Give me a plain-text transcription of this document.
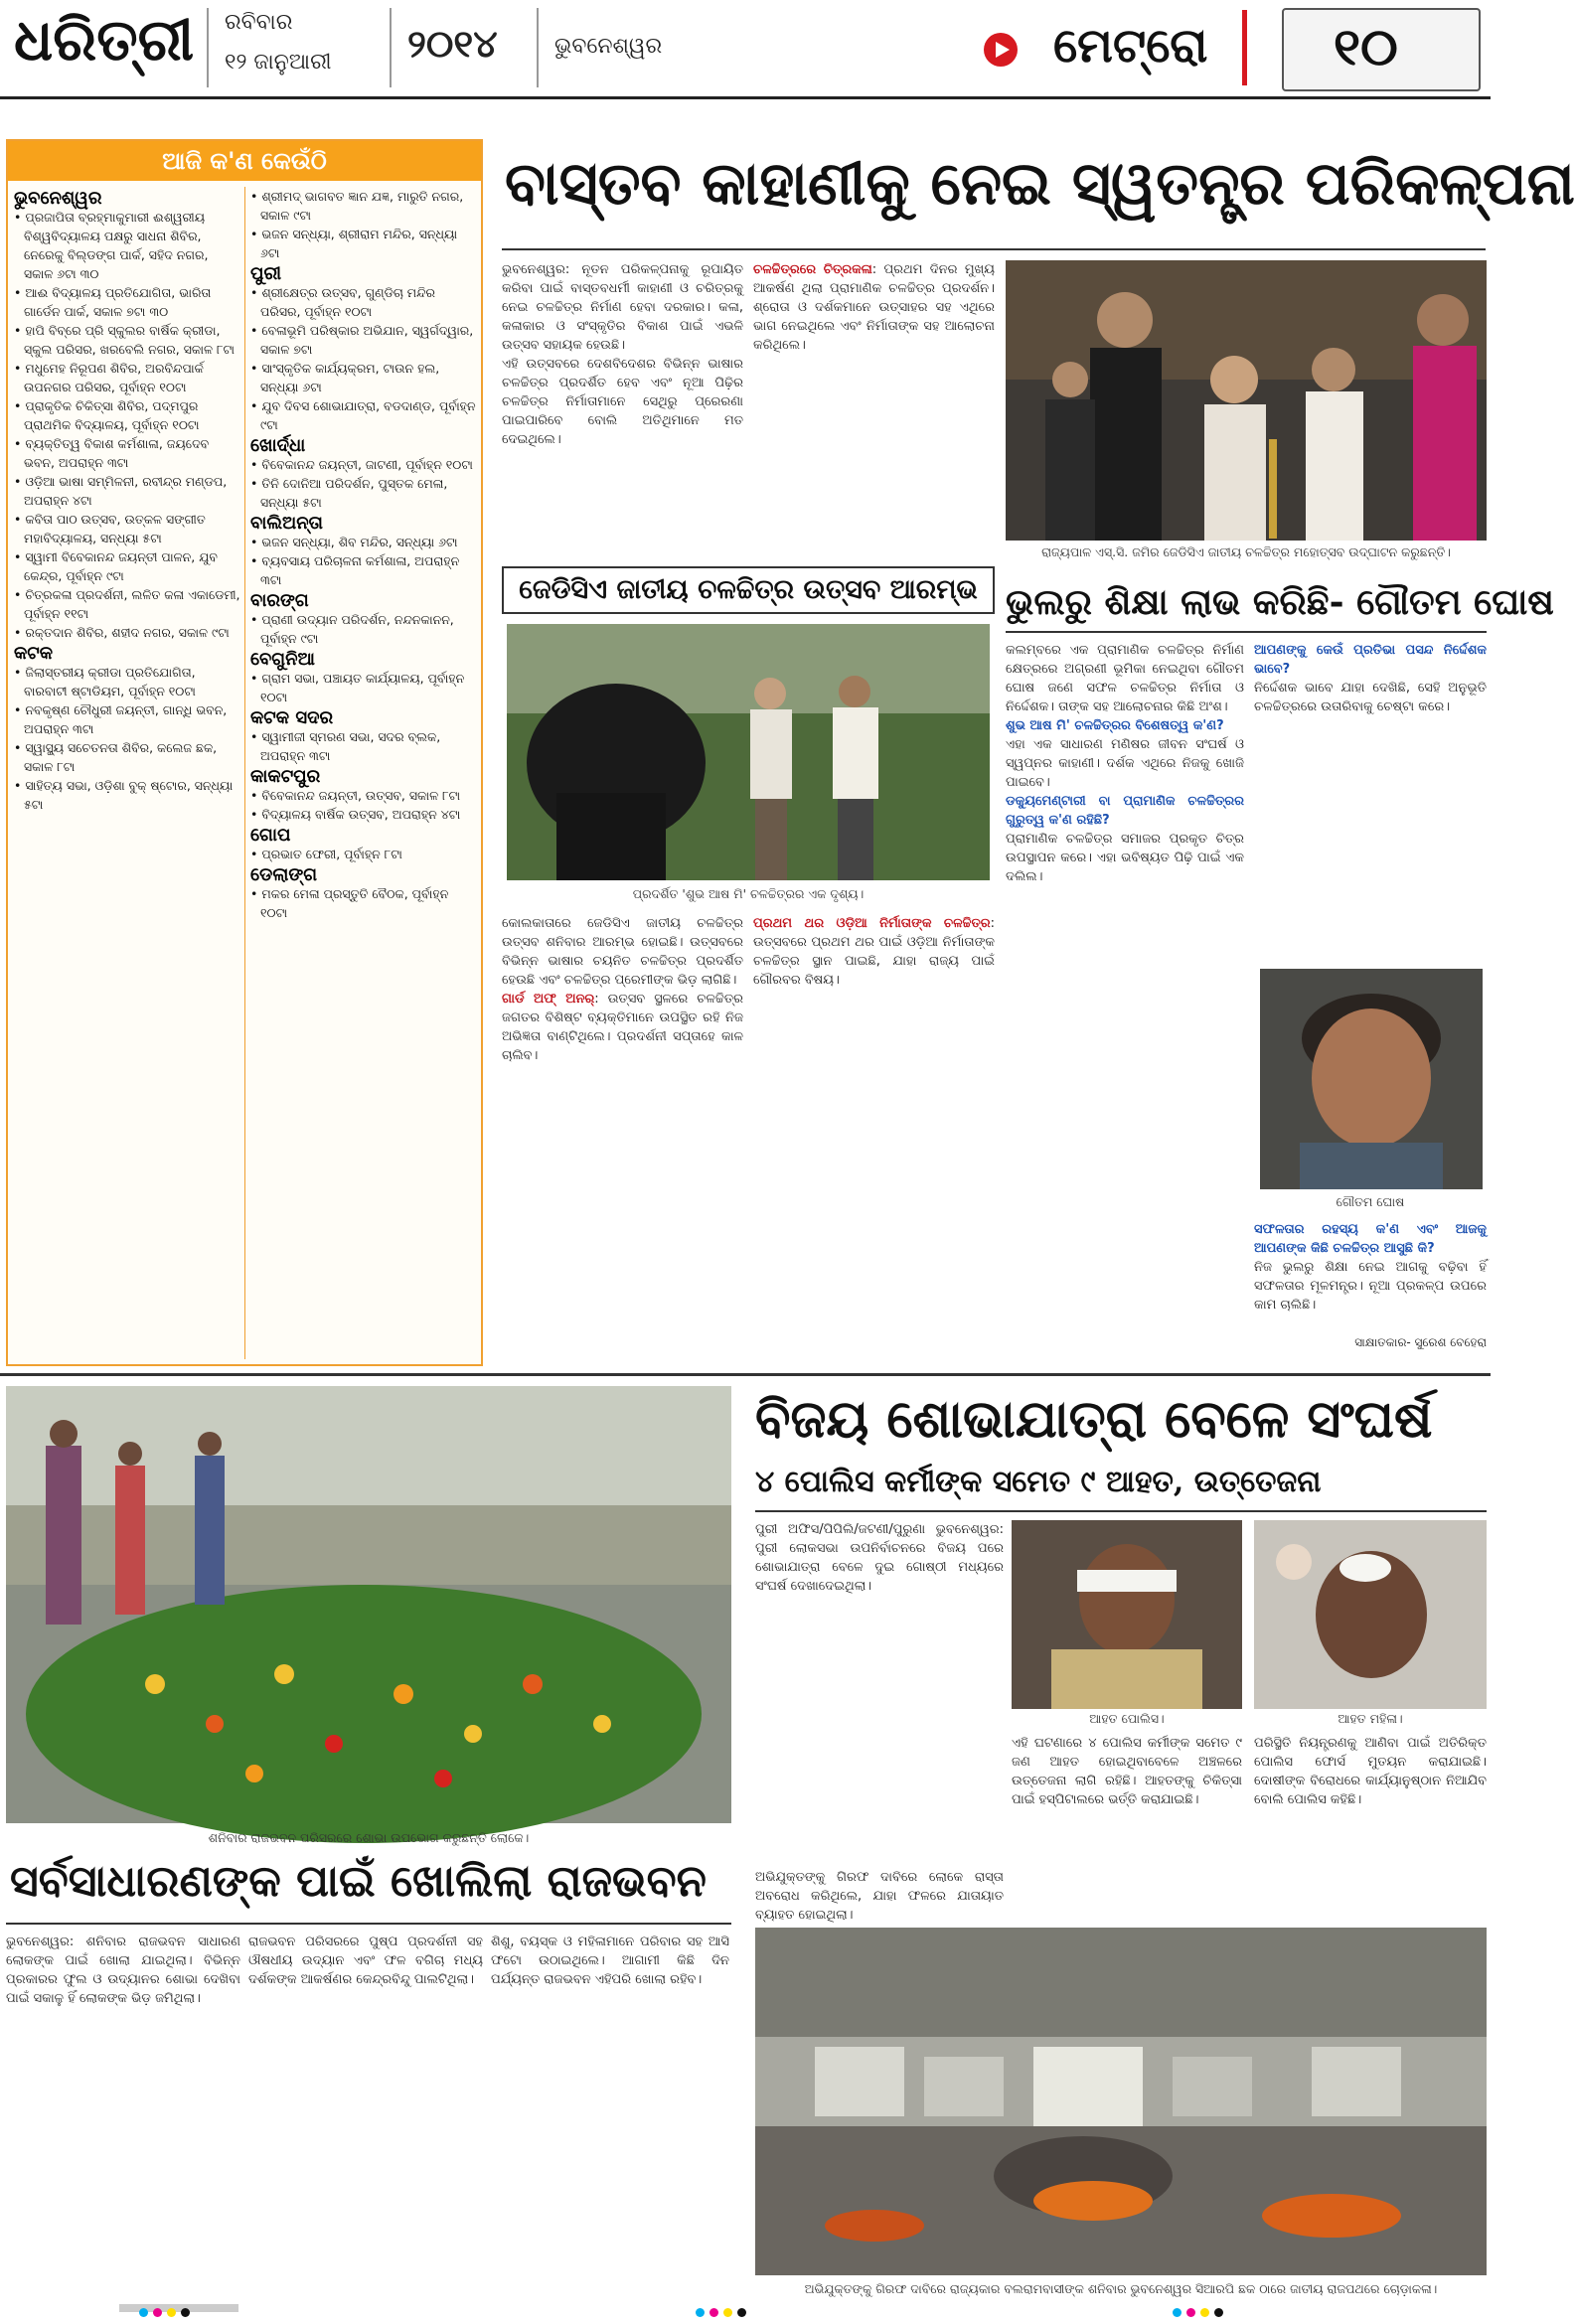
ଧରିତ୍ରୀ ରବିବାର
୧୨ ଜାନୁଆରୀ ୨୦୧୪	ଭୁବନେଶ୍ୱର	ମେଟ୍ରୋ ୧୦
ଆଜି କ'ଣ କେଉଁଠି
ଭୁବନେଶ୍ୱର
• ପ୍ରଜାପିତା ବ୍ରହ୍ମାକୁମାରୀ ଈଶ୍ୱରୀୟ ବିଶ୍ୱବିଦ୍ୟାଳୟ ପକ୍ଷରୁ ସାଧନା ଶିବିର, ନେରେକୁ ବିଲ୍ଡଙ୍ଗ ପାର୍କ, ସହିଦ ନଗର, ସକାଳ ୬ଟା ୩୦
• ଆଈ ବିଦ୍ୟାଳୟ ପ୍ରତିଯୋଗିତା, ଭାରିତା ଗାର୍ଡେନ ପାର୍କ, ସକାଳ ୭ଟା ୩୦
• ହାପି ବିବ୍ରେ ପ୍ରି ସ୍କୁଲର ବାର୍ଷିକ କ୍ରୀଡା, ସ୍କୁଲ ପରିସର, ଖରବେଲି ନଗର, ସକାଳ ୮ଟା
• ମଧୁମେହ ନିରୂପଣ ଶିବିର, ଅରବିନ୍ଦପାର୍କ ଉପନଗର ପରିସର, ପୂର୍ବାହ୍ନ ୧୦ଟା
• ପ୍ରାକୃତିକ ଚିକିତ୍ସା ଶିବିର, ପଦ୍ମପୁର ପ୍ରାଥମିକ ବିଦ୍ୟାଳୟ, ପୂର୍ବାହ୍ନ ୧୦ଟା
• ବ୍ୟକ୍ତିତ୍ୱ ବିକାଶ କର୍ମଶାଳା, ଜୟଦେବ ଭବନ, ଅପରାହ୍ନ ୩ଟା
• ଓଡ଼ିଆ ଭାଷା ସମ୍ମିଳନୀ, ରବୀନ୍ଦ୍ର ମଣ୍ଡପ, ଅପରାହ୍ନ ୪ଟା
• କବିତା ପାଠ ଉତ୍ସବ, ଉତ୍କଳ ସଙ୍ଗୀତ ମହାବିଦ୍ୟାଳୟ, ସନ୍ଧ୍ୟା ୫ଟା
• ସ୍ୱାମୀ ବିବେକାନନ୍ଦ ଜୟନ୍ତୀ ପାଳନ, ଯୁବ କେନ୍ଦ୍ର, ପୂର୍ବାହ୍ନ ୯ଟା
• ଚିତ୍ରକଳା ପ୍ରଦର୍ଶନୀ, ଲଳିତ କଳା ଏକାଡେମୀ, ପୂର୍ବାହ୍ନ ୧୧ଟା
• ରକ୍ତଦାନ ଶିବିର, ଶହୀଦ ନଗର, ସକାଳ ୯ଟା
କଟକ
• ଜିଲାସ୍ତରୀୟ କ୍ରୀଡା ପ୍ରତିଯୋଗିତା, ବାରବାଟୀ ଷ୍ଟାଡିୟମ, ପୂର୍ବାହ୍ନ ୧୦ଟା
• ନବକୃଷ୍ଣ ଚୌଧୁରୀ ଜୟନ୍ତୀ, ଗାନ୍ଧି ଭବନ, ଅପରାହ୍ନ ୩ଟା
• ସ୍ୱାସ୍ଥ୍ୟ ସଚେତନତା ଶିବିର, କଲେଜ ଛକ, ସକାଳ ୮ଟା
• ସାହିତ୍ୟ ସଭା, ଓଡ଼ିଶା ବୁକ୍ ଷ୍ଟୋର, ସନ୍ଧ୍ୟା ୫ଟା
• ଶ୍ରୀମଦ୍ ଭାଗବତ ଜ୍ଞାନ ଯଜ୍ଞ, ମାରୁତି ନଗର, ସକାଳ ୯ଟା
• ଭଜନ ସନ୍ଧ୍ୟା, ଶ୍ରୀରାମ ମନ୍ଦିର, ସନ୍ଧ୍ୟା ୬ଟା
ପୁରୀ
• ଶ୍ରୀକ୍ଷେତ୍ର ଉତ୍ସବ, ଗୁଣ୍ଡିଚା ମନ୍ଦିର ପରିସର, ପୂର୍ବାହ୍ନ ୧୦ଟା
• ବେଳାଭୂମି ପରିଷ୍କାର ଅଭିଯାନ, ସ୍ୱର୍ଗଦ୍ୱାର, ସକାଳ ୭ଟା
• ସାଂସ୍କୃତିକ କାର୍ଯ୍ୟକ୍ରମ, ଟାଉନ ହଲ, ସନ୍ଧ୍ୟା ୬ଟା
• ଯୁବ ଦିବସ ଶୋଭାଯାତ୍ରା, ବଡଦାଣ୍ଡ, ପୂର୍ବାହ୍ନ ୯ଟା
ଖୋର୍ଦ୍ଧା
• ବିବେକାନନ୍ଦ ଜୟନ୍ତୀ, ଜାଟଣୀ, ପୂର୍ବାହ୍ନ ୧୦ଟା
• ତିନି ଦୋନିଆ ପରିଦର୍ଶନ, ପୁସ୍ତକ ମେଳା, ସନ୍ଧ୍ୟା ୫ଟା
ବାଲିଅନ୍ତା
• ଭଜନ ସନ୍ଧ୍ୟା, ଶିବ ମନ୍ଦିର, ସନ୍ଧ୍ୟା ୬ଟା
• ବ୍ୟବସାୟ ପରିଚାଳନା କର୍ମଶାଳା, ଅପରାହ୍ନ ୩ଟା
ବାରଙ୍ଗ
• ପ୍ରାଣୀ ଉଦ୍ୟାନ ପରିଦର୍ଶନ, ନନ୍ଦନକାନନ, ପୂର୍ବାହ୍ନ ୯ଟା
ବେଗୁନିଆ
• ଗ୍ରାମ ସଭା, ପଞ୍ଚାୟତ କାର୍ଯ୍ୟାଳୟ, ପୂର୍ବାହ୍ନ ୧୦ଟା
କଟକ ସଦର
• ସ୍ୱାମୀଜୀ ସ୍ମରଣ ସଭା, ସଦର ବ୍ଲକ, ଅପରାହ୍ନ ୩ଟା
କାକଟପୁର
• ବିବେକାନନ୍ଦ ଜୟନ୍ତୀ, ଉତ୍ସବ, ସକାଳ ୮ଟା
• ବିଦ୍ୟାଳୟ ବାର୍ଷିକ ଉତ୍ସବ, ଅପରାହ୍ନ ୪ଟା
ଗୋପ
• ପ୍ରଭାତ ଫେରୀ, ପୂର୍ବାହ୍ନ ୮ଟା
ଡେଲାଙ୍ଗ
• ମକର ମେଳା ପ୍ରସ୍ତୁତି ବୈଠକ, ପୂର୍ବାହ୍ନ ୧୦ଟା
ବାସ୍ତବ କାହାଣୀକୁ ନେଇ ସ୍ୱତନ୍ତ୍ର ପରିକଳ୍ପନା
ଭୁବନେଶ୍ୱର: ନୂତନ ପରିକଳ୍ପନାକୁ ରୂପାୟିତ କରିବା ପାଇଁ ବାସ୍ତବଧର୍ମୀ କାହାଣୀ ଓ ଚରିତ୍ରକୁ ନେଇ ଚଳଚ୍ଚିତ୍ର ନିର୍ମାଣ ହେବା ଦରକାର। କଳା, କଳାକାର ଓ ସଂସ୍କୃତିର ବିକାଶ ପାଇଁ ଏଭଳି ଉତ୍ସବ ସହାୟକ ହେଉଛି।
ଏହି ଉତ୍ସବରେ ଦେଶବିଦେଶର ବିଭିନ୍ନ ଭାଷାର ଚଳଚ୍ଚିତ୍ର ପ୍ରଦର୍ଶିତ ହେବ ଏବଂ ନୂଆ ପିଢ଼ିର ଚଳଚ୍ଚିତ୍ର ନିର୍ମାତାମାନେ ସେଥିରୁ ପ୍ରେରଣା ପାଇପାରିବେ ବୋଲି ଅତିଥିମାନେ ମତ ଦେଇଥିଲେ।
ଚଳଚ୍ଚିତ୍ରରେ ଚିତ୍ରକଳା: ପ୍ରଥମ ଦିନର ମୁଖ୍ୟ ଆକର୍ଷଣ ଥିଲା ପ୍ରାମାଣିକ ଚଳଚ୍ଚିତ୍ର ପ୍ରଦର୍ଶନ। ଶ୍ରୋତା ଓ ଦର୍ଶକମାନେ ଉତ୍ସାହର ସହ ଏଥିରେ ଭାଗ ନେଇଥିଲେ ଏବଂ ନିର୍ମାତାଙ୍କ ସହ ଆଲୋଚନା କରିଥିଲେ।
ରାଜ୍ୟପାଳ ଏସ୍.ସି. ଜମିର ଜେଡିସିଏ ଜାତୀୟ ଚଳଚ୍ଚିତ୍ର ମହୋତ୍ସବ ଉଦ୍‌ଘାଟନ କରୁଛନ୍ତି।
ଜେଡିସିଏ ଜାତୀୟ ଚଳଚ୍ଚିତ୍ର ଉତ୍ସବ ଆରମ୍ଭ
ପ୍ରଦର୍ଶିତ 'ଶୁଭ ଆଷ ମି' ଚଳଚ୍ଚିତ୍ରର ଏକ ଦୃଶ୍ୟ।
କୋଲକାତାରେ ଜେଡିସିଏ ଜାତୀୟ ଚଳଚ୍ଚିତ୍ର ଉତ୍ସବ ଶନିବାର ଆରମ୍ଭ ହୋଇଛି। ଉତ୍ସବରେ ବିଭିନ୍ନ ଭାଷାର ଚୟନିତ ଚଳଚ୍ଚିତ୍ର ପ୍ରଦର୍ଶିତ ହେଉଛି ଏବଂ ଚଳଚ୍ଚିତ୍ର ପ୍ରେମୀଙ୍କ ଭିଡ଼ ଲାଗିଛି।
ଗାର୍ଡ ଅଫ୍ ଅନର୍: ଉତ୍ସବ ସ୍ଥଳରେ ଚଳଚ୍ଚିତ୍ର ଜଗତର ବିଶିଷ୍ଟ ବ୍ୟକ୍ତିମାନେ ଉପସ୍ଥିତ ରହି ନିଜ ଅଭିଜ୍ଞତା ବାଣ୍ଟିଥିଲେ। ପ୍ରଦର୍ଶନୀ ସପ୍ତାହେ କାଳ ଚାଲିବ।
ପ୍ରଥମ ଥର ଓଡ଼ିଆ ନିର୍ମାତାଙ୍କ ଚଳଚ୍ଚିତ୍ର: ଉତ୍ସବରେ ପ୍ରଥମ ଥର ପାଇଁ ଓଡ଼ିଆ ନିର୍ମାତାଙ୍କ ଚଳଚ୍ଚିତ୍ର ସ୍ଥାନ ପାଇଛି, ଯାହା ରାଜ୍ୟ ପାଇଁ ଗୌରବର ବିଷୟ।
ଭୁଲରୁ ଶିକ୍ଷା ଲାଭ କରିଛି- ଗୌତମ ଘୋଷ
କଲମ୍ବରେ ଏକ ପ୍ରାମାଣିକ ଚଳଚ୍ଚିତ୍ର ନିର୍ମାଣ କ୍ଷେତ୍ରରେ ଅଗ୍ରଣୀ ଭୂମିକା ନେଇଥିବା ଗୌତମ ଘୋଷ ଜଣେ ସଫଳ ଚଳଚ୍ଚିତ୍ର ନିର୍ମାତା ଓ ନିର୍ଦ୍ଦେଶକ। ତାଙ୍କ ସହ ଆଲୋଚନାର କିଛି ଅଂଶ।
ଶୁଭ ଆଷ ମି' ଚଳଚ୍ଚିତ୍ରର ବିଶେଷତ୍ୱ କ'ଣ?
ଏହା ଏକ ସାଧାରଣ ମଣିଷର ଜୀବନ ସଂଘର୍ଷ ଓ ସ୍ୱପ୍ନର କାହାଣୀ। ଦର୍ଶକ ଏଥିରେ ନିଜକୁ ଖୋଜି ପାଇବେ।
ଡକ୍ୟୁମେଣ୍ଟାରୀ ବା ପ୍ରାମାଣିକ ଚଳଚ୍ଚିତ୍ରର ଗୁରୁତ୍ୱ କ'ଣ ରହିଛି?
ପ୍ରାମାଣିକ ଚଳଚ୍ଚିତ୍ର ସମାଜର ପ୍ରକୃତ ଚିତ୍ର ଉପସ୍ଥାପନ କରେ। ଏହା ଭବିଷ୍ୟତ ପିଢ଼ି ପାଇଁ ଏକ ଦଲିଲ।
ଆପଣଙ୍କୁ କେଉଁ ପ୍ରତିଭା ପସନ୍ଦ ନିର୍ଦ୍ଦେଶକ ଭାବେ?
ନିର୍ଦ୍ଦେଶକ ଭାବେ ଯାହା ଦେଖିଛି, ସେହି ଅନୁଭୂତି ଚଳଚ୍ଚିତ୍ରରେ ଉତାରିବାକୁ ଚେଷ୍ଟା କରେ।
ଗୌତମ ଘୋଷ
ସଫଳତାର ରହସ୍ୟ କ'ଣ ଏବଂ ଆଜକୁ ଆପଣଙ୍କ କିଛି ଚଳଚ୍ଚିତ୍ର ଆସୁଛି କି?
ନିଜ ଭୁଲରୁ ଶିକ୍ଷା ନେଇ ଆଗକୁ ବଢ଼ିବା ହିଁ ସଫଳତାର ମୂଳମନ୍ତ୍ର। ନୂଆ ପ୍ରକଳ୍ପ ଉପରେ କାମ ଚାଲିଛି।
ସାକ୍ଷାତକାର- ସୁରେଶ ବେହେରା
ଶନିବାର ରାଜଭବନ ପରିସରରେ ଶୋଭା ଉପଭୋଗ କରୁଛନ୍ତି ଲୋକେ।
ସର୍ବସାଧାରଣଙ୍କ ପାଇଁ ଖୋଲିଲା ରାଜଭବନ
ଭୁବନେଶ୍ୱର: ଶନିବାର ରାଜଭବନ ସାଧାରଣ ଲୋକଙ୍କ ପାଇଁ ଖୋଲା ଯାଇଥିଲା। ବିଭିନ୍ନ ପ୍ରକାରର ଫୁଲ ଓ ଉଦ୍ୟାନର ଶୋଭା ଦେଖିବା ପାଇଁ ସକାଳୁ ହିଁ ଲୋକଙ୍କ ଭିଡ଼ ଜମିଥିଲା।
ରାଜଭବନ ପରିସରରେ ପୁଷ୍ପ ପ୍ରଦର୍ଶନୀ ସହ ଔଷଧୀୟ ଉଦ୍ୟାନ ଏବଂ ଫଳ ବଗିଚା ମଧ୍ୟ ଦର୍ଶକଙ୍କ ଆକର୍ଷଣର କେନ୍ଦ୍ରବିନ୍ଦୁ ପାଲଟିଥିଲା।
ଶିଶୁ, ବୟସ୍କ ଓ ମହିଳାମାନେ ପରିବାର ସହ ଆସି ଫଟୋ ଉଠାଇଥିଲେ। ଆଗାମୀ କିଛି ଦିନ ପର୍ଯ୍ୟନ୍ତ ରାଜଭବନ ଏହିପରି ଖୋଲା ରହିବ।
ବିଜୟ ଶୋଭାଯାତ୍ରା ବେଳେ ସଂଘର୍ଷ
୪ ପୋଲିସ କର୍ମୀଙ୍କ ସମେତ ୯ ଆହତ, ଉତ୍ତେଜନା
ପୁରୀ ଅଫିସ/ପିପିଲି/ଜଟଣୀ/ପୁରୁଣା ଭୁବନେଶ୍ୱର: ପୁରୀ ଲୋକସଭା ଉପନିର୍ବାଚନରେ ବିଜୟ ପରେ ଶୋଭାଯାତ୍ରା ବେଳେ ଦୁଇ ଗୋଷ୍ଠୀ ମଧ୍ୟରେ ସଂଘର୍ଷ ଦେଖାଦେଇଥିଲା।
ଆହତ ପୋଲିସ।	ଆହତ ମହିଳା।
ଏହି ଘଟଣାରେ ୪ ପୋଲିସ କର୍ମୀଙ୍କ ସମେତ ୯ ଜଣ ଆହତ ହୋଇଥିବାବେଳେ ଅଞ୍ଚଳରେ ଉତ୍ତେଜନା ଲାଗି ରହିଛି। ଆହତଙ୍କୁ ଚିକିତ୍ସା ପାଇଁ ହସ୍ପିଟାଲରେ ଭର୍ତ୍ତି କରାଯାଇଛି।
ପରିସ୍ଥିତି ନିୟନ୍ତ୍ରଣକୁ ଆଣିବା ପାଇଁ ଅତିରିକ୍ତ ପୋଲିସ ଫୋର୍ସ ମୁତୟନ କରାଯାଇଛି। ଦୋଷୀଙ୍କ ବିରୋଧରେ କାର୍ଯ୍ୟାନୁଷ୍ଠାନ ନିଆଯିବ ବୋଲି ପୋଲିସ କହିଛି।
ଅଭିଯୁକ୍ତଙ୍କୁ ଗିରଫ ଦାବିରେ ଲୋକେ ରାସ୍ତା ଅବରୋଧ କରିଥିଲେ, ଯାହା ଫଳରେ ଯାତାୟାତ ବ୍ୟାହତ ହୋଇଥିଲା।
ଅଭିଯୁକ୍ତଙ୍କୁ ଗିରଫ ଦାବିରେ ରାଜ୍ୟକାର ବଲରାମବାସୀଙ୍କ ଶନିବାର ଭୁବନେଶ୍ୱର ସିଆରପି ଛକ ଠାରେ ଜାତୀୟ ରାଜପଥରେ ଚୋଡ଼ାକଳା।
